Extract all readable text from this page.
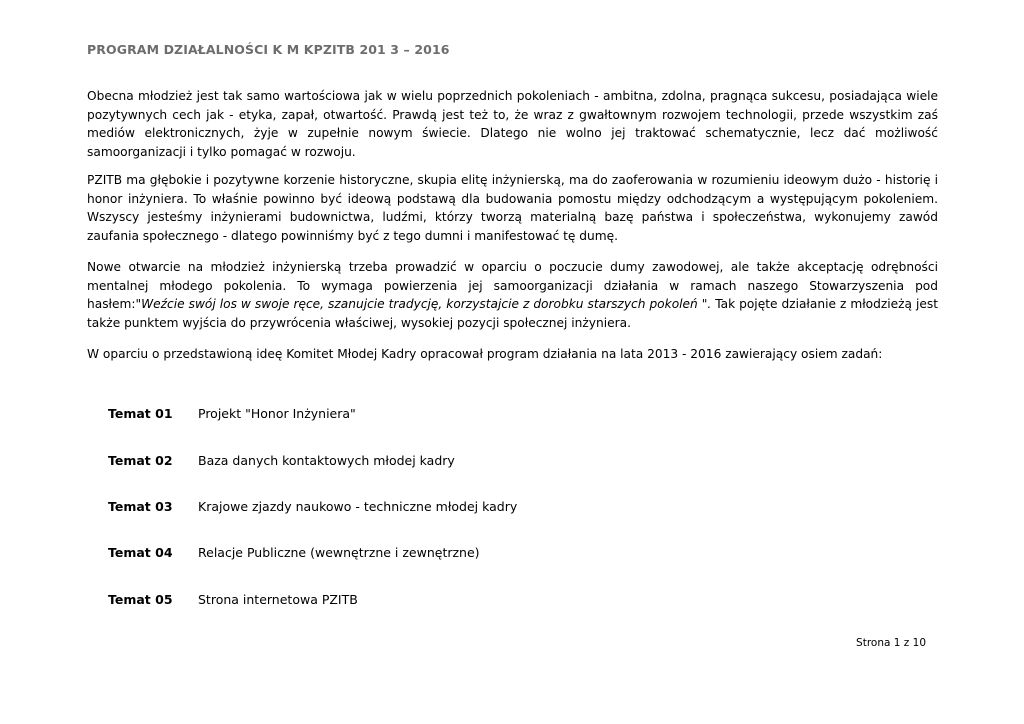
PROGRAM DZIAŁALNOŚCI K M KPZITB 201 3 – 2016
Obecna młodzież jest tak samo wartościowa jak w wielu poprzednich pokoleniach - ambitna, zdolna, pragnąca sukcesu, posiadająca wiele pozytywnych cech jak - etyka, zapał, otwartość. Prawdą jest też to, że wraz z gwałtownym rozwojem technologii, przede wszystkim zaś mediów elektronicznych, żyje w zupełnie nowym świecie. Dlatego nie wolno jej traktować schematycznie, lecz dać możliwość samoorganizacji i tylko pomagać w rozwoju.
PZITB ma głębokie i pozytywne korzenie historyczne, skupia elitę inżynierską, ma do zaoferowania w rozumieniu ideowym dużo - historię i honor inżyniera. To właśnie powinno być ideową podstawą dla budowania pomostu między odchodzącym a występującym pokoleniem. Wszyscy jesteśmy inżynierami budownictwa, ludźmi, którzy tworzą materialną bazę państwa i społeczeństwa, wykonujemy zawód zaufania społecznego - dlatego powinniśmy być z tego dumni i manifestować tę dumę.
Nowe otwarcie na młodzież inżynierską trzeba prowadzić w oparciu o poczucie dumy zawodowej, ale także akceptację odrębności mentalnej młodego pokolenia. To wymaga powierzenia jej samoorganizacji działania w ramach naszego Stowarzyszenia pod hasłem:"Weźcie swój los w swoje ręce, szanujcie tradycję, korzystajcie z dorobku starszych pokoleń ". Tak pojęte działanie z młodzieżą jest także punktem wyjścia do przywrócenia właściwej, wysokiej pozycji społecznej inżyniera.
W oparciu o przedstawioną ideę Komitet Młodej Kadry opracował program działania na lata 2013 - 2016 zawierający osiem zadań:
Temat 01 Projekt "Honor Inżyniera"
Temat 02 Baza danych kontaktowych młodej kadry
Temat 03 Krajowe zjazdy naukowo - techniczne młodej kadry
Temat 04 Relacje Publiczne (wewnętrzne i zewnętrzne)
Temat 05 Strona internetowa PZITB
Strona 1 z 10
